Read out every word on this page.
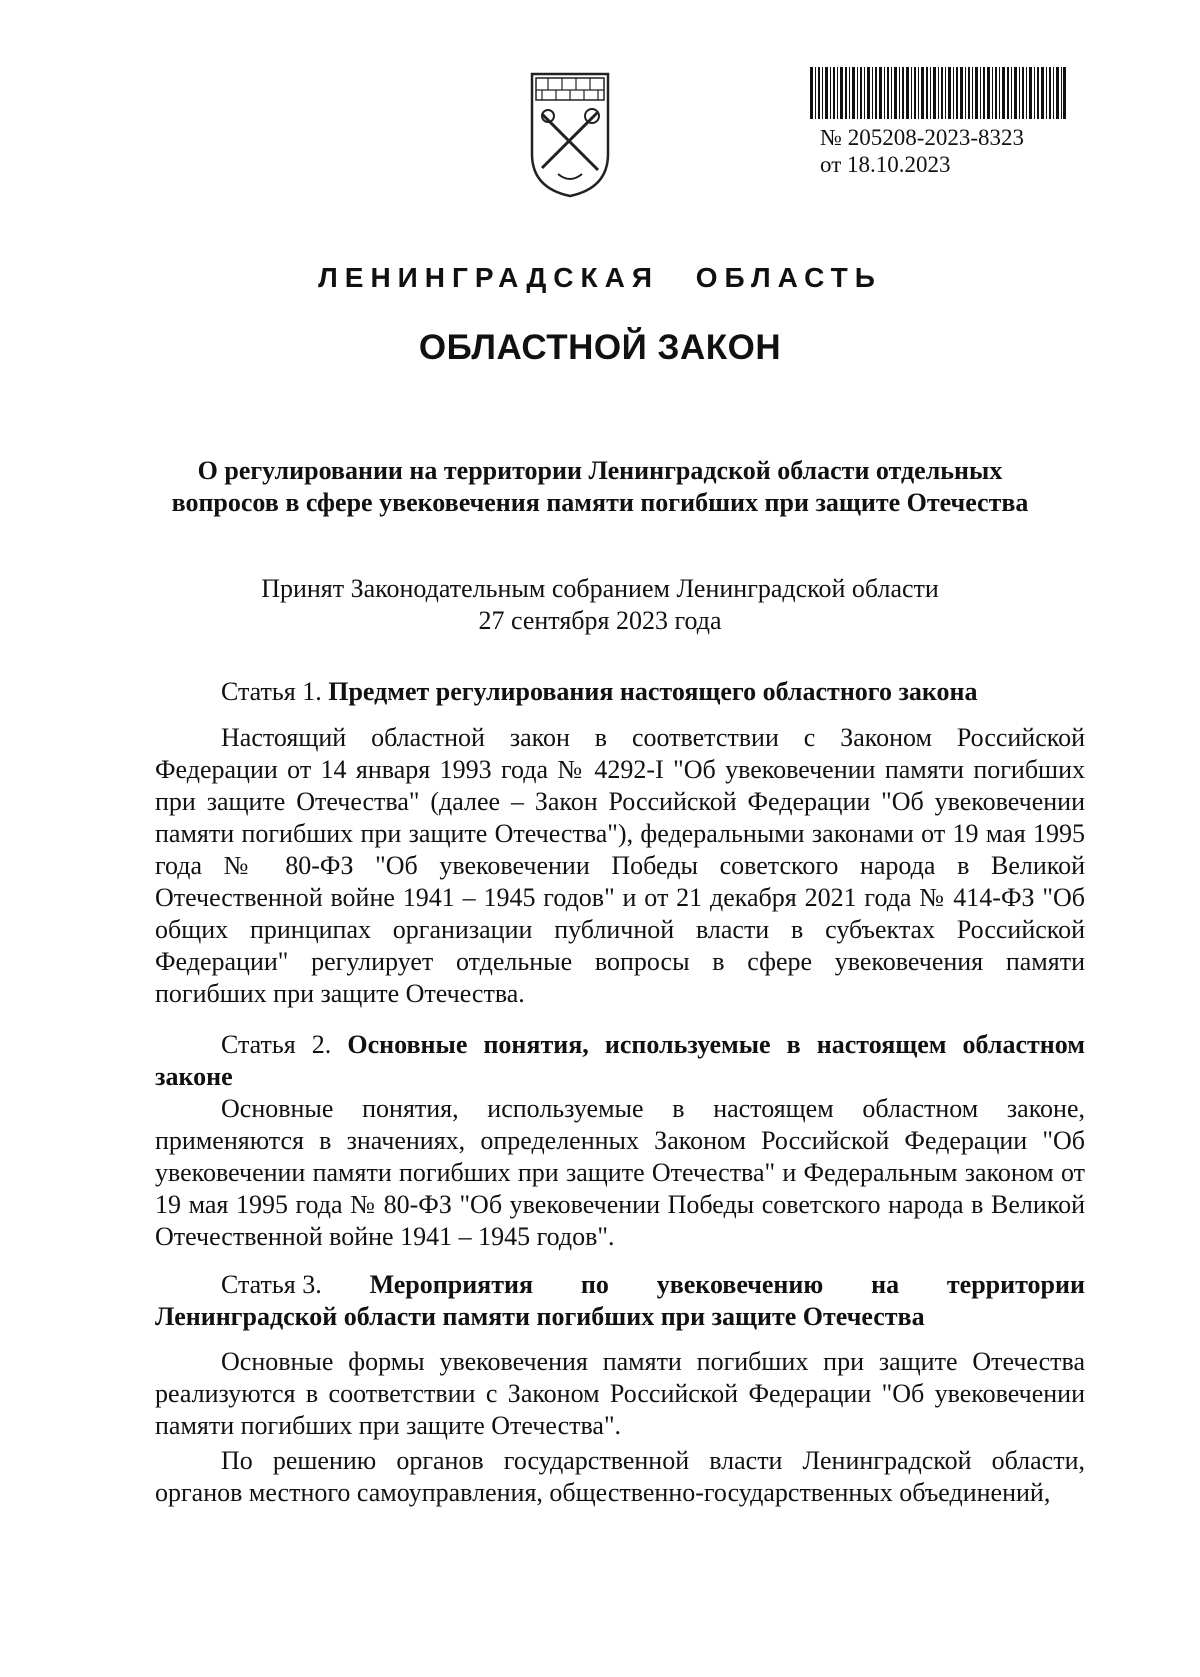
№ 205208-2023-8323
от 18.10.2023
ЛЕНИНГРАДСКАЯ ОБЛАСТЬ
ОБЛАСТНОЙ ЗАКОН
О регулировании на территории Ленинградской области отдельных вопросов в сфере увековечения памяти погибших при защите Отечества
Принят Законодательным собранием Ленинградской области
27 сентября 2023 года
Статья 1. Предмет регулирования настоящего областного закона

Настоящий областной закон в соответствии с Законом Российской Федерации от 14 января 1993 года № 4292-I "Об увековечении памяти погибших при защите Отечества" (далее – Закон Российской Федерации "Об увековечении памяти погибших при защите Отечества"), федеральными законами от 19 мая 1995 года № 80-ФЗ "Об увековечении Победы советского народа в Великой Отечественной войне 1941 – 1945 годов" и от 21 декабря 2021 года № 414-ФЗ "Об общих принципах организации публичной власти в субъектах Российской Федерации" регулирует отдельные вопросы в сфере увековечения памяти погибших при защите Отечества.

Статья 2. Основные понятия, используемые в настоящем областном законе

Основные понятия, используемые в настоящем областном законе, применяются в значениях, определенных Законом Российской Федерации "Об увековечении памяти погибших при защите Отечества" и Федеральным законом от 19 мая 1995 года № 80-ФЗ "Об увековечении Победы советского народа в Великой Отечественной войне 1941 – 1945 годов".

Статья 3. Мероприятия по увековечению на территории
Ленинградской области памяти погибших при защите Отечества

Основные формы увековечения памяти погибших при защите Отечества реализуются в соответствии с Законом Российской Федерации "Об увековечении памяти погибших при защите Отечества".

По решению органов государственной власти Ленинградской области, органов местного самоуправления, общественно-государственных объединений,
